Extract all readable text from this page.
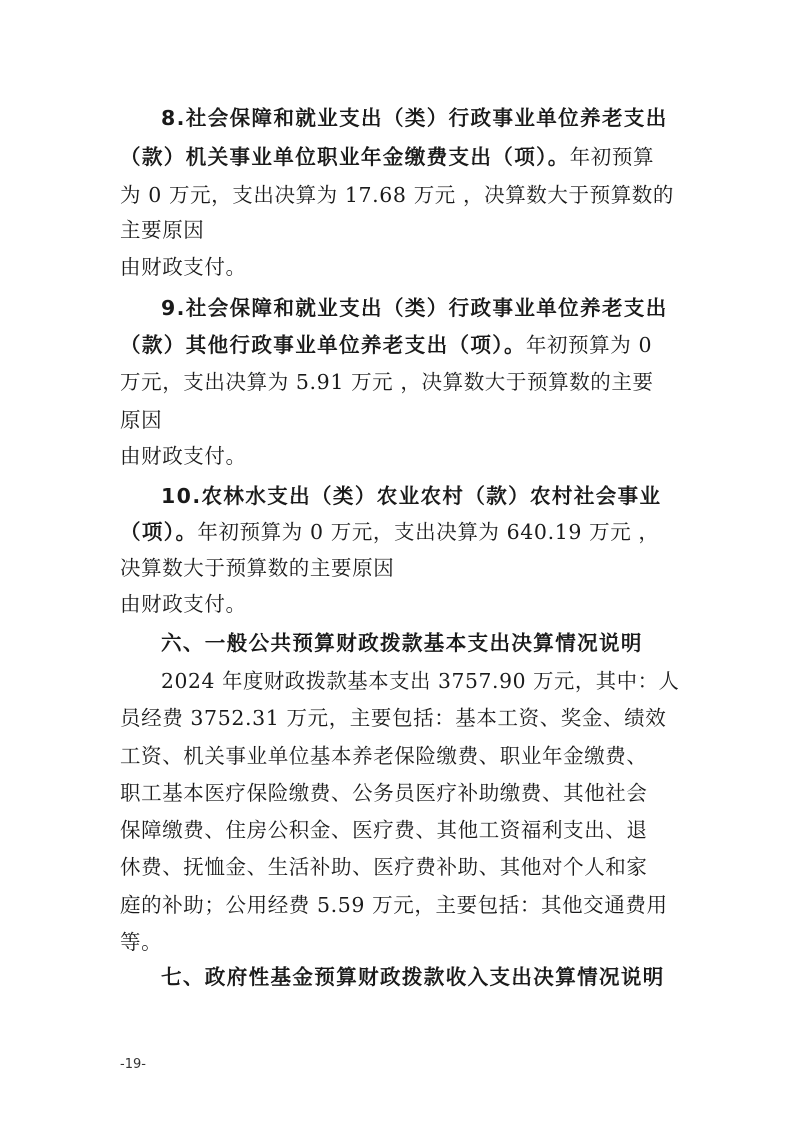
8.社会保障和就业支出（类）行政事业单位养老支出
（款）机关事业单位职业年金缴费支出（项）。年初预算
为 0 万元，支出决算为 17.68 万元 ，决算数大于预算数的
主要原因
由财政支付。
9.社会保障和就业支出（类）行政事业单位养老支出
（款）其他行政事业单位养老支出（项）。年初预算为 0
万元，支出决算为 5.91 万元 ，决算数大于预算数的主要
原因
由财政支付。
10.农林水支出（类）农业农村（款）农村社会事业
（项）。年初预算为 0 万元，支出决算为 640.19 万元 ，
决算数大于预算数的主要原因
由财政支付。
六、一般公共预算财政拨款基本支出决算情况说明
2024 年度财政拨款基本支出 3757.90 万元，其中：人
员经费 3752.31 万元，主要包括：基本工资、奖金、绩效
工资、机关事业单位基本养老保险缴费、职业年金缴费、
职工基本医疗保险缴费、公务员医疗补助缴费、其他社会
保障缴费、住房公积金、医疗费、其他工资福利支出、退
休费、抚恤金、生活补助、医疗费补助、其他对个人和家
庭的补助；公用经费 5.59 万元，主要包括：其他交通费用
等。
七、政府性基金预算财政拨款收入支出决算情况说明
-19-
